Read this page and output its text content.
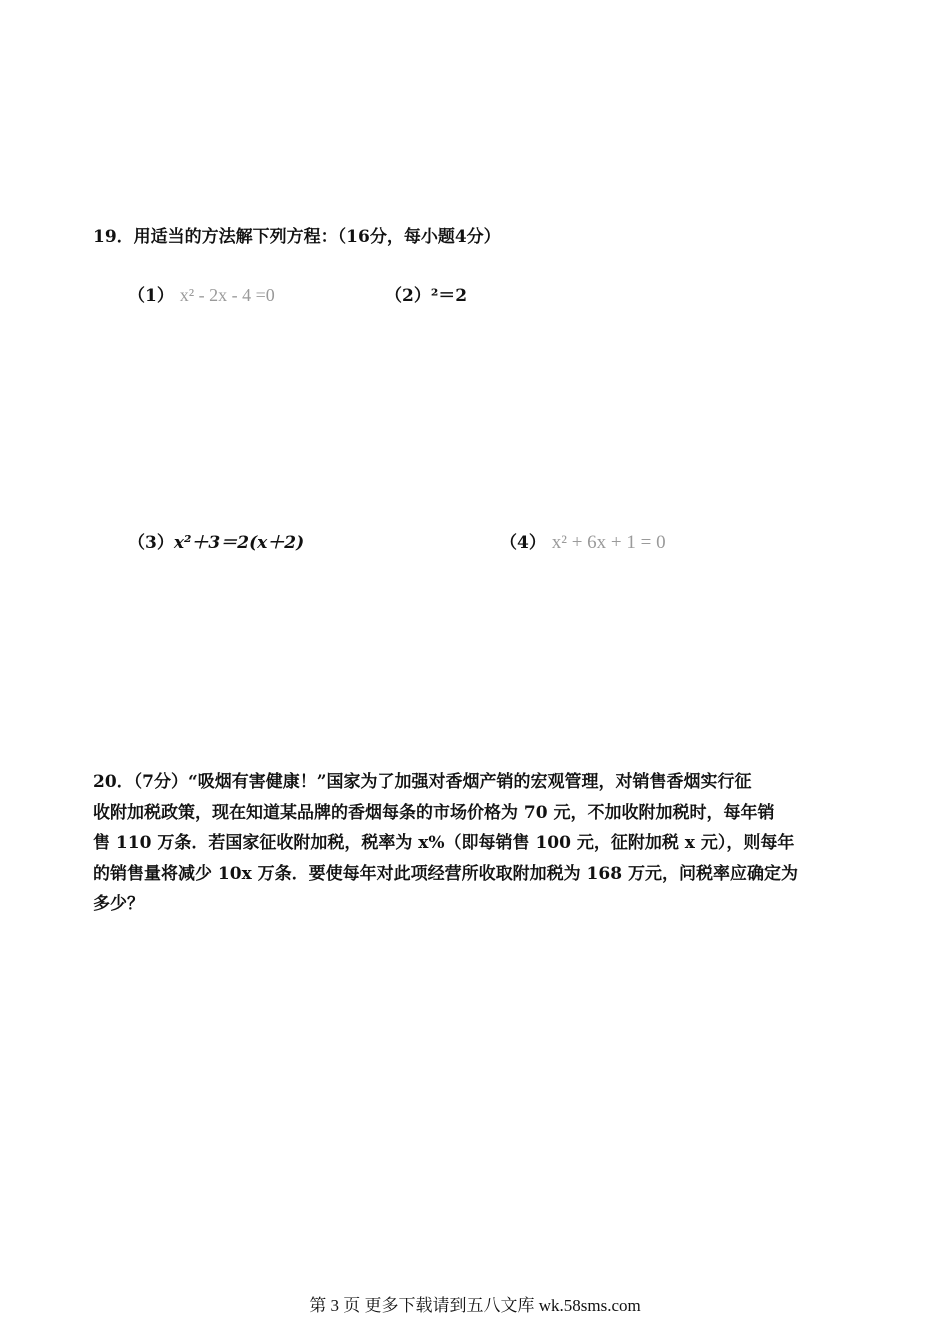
19．用适当的方法解下列方程：（16分，每小题4分）
（1） x² - 2x - 4 =0	（2）²＝2
（3）x²＋3＝2(x＋2)	（4） x² + 6x + 1 = 0

20．（7分）“吸烟有害健康！”国家为了加强对香烟产销的宏观管理，对销售香烟实行征

收附加税政策，现在知道某品牌的香烟每条的市场价格为 70 元，不加收附加税时，每年销

售 110 万条．若国家征收附加税，税率为 x%（即每销售 100 元，征附加税 x 元），则每年

的销售量将减少 10x 万条．要使每年对此项经营所收取附加税为 168 万元，问税率应确定为

多少？

第 3 页 更多下载请到五八文库 wk.58sms.com
